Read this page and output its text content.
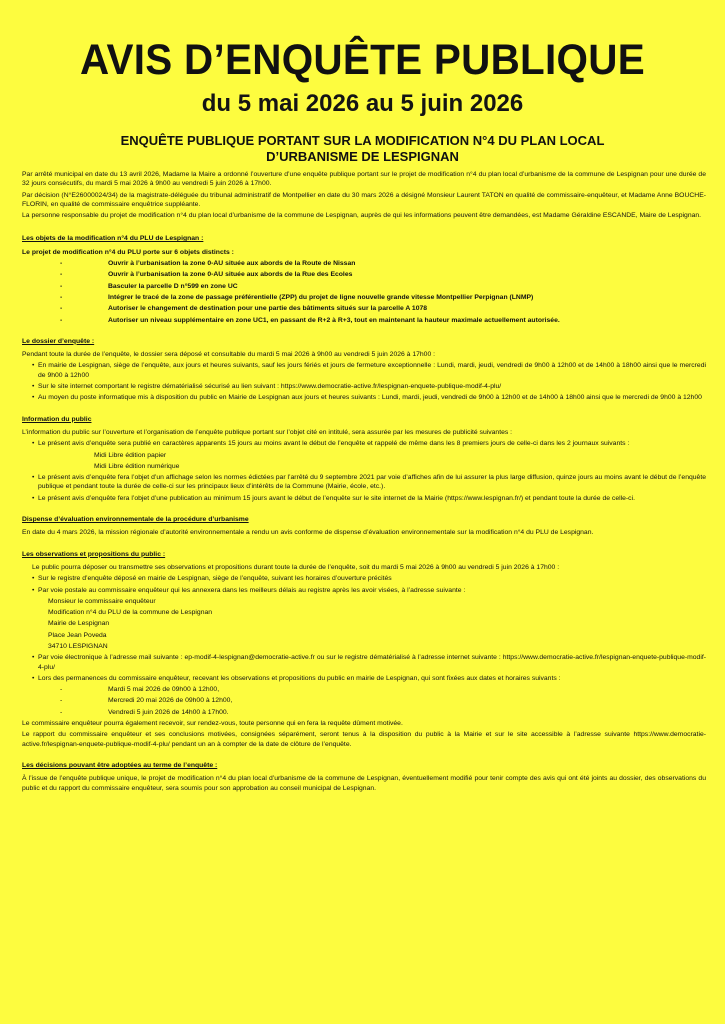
AVIS D’ENQUÊTE PUBLIQUE
du 5 mai 2026 au 5 juin 2026
ENQUÊTE PUBLIQUE PORTANT SUR LA MODIFICATION N°4 DU PLAN LOCAL
D’URBANISME DE LESPIGNAN

Par arrêté municipal en date du 13 avril 2026, Madame la Maire a ordonné l’ouverture d’une enquête publique portant sur le projet de modification n°4 du plan local d’urbanisme de la commune de Lespignan pour une durée de 32 jours consécutifs, du mardi 5 mai 2026 à 9h00 au vendredi 5 juin 2026 à 17h00.

Par décision (N°E26000024/34) de la magistrate-déléguée du tribunal administratif de Montpellier en date du 30 mars 2026 a désigné Monsieur Laurent TATON en qualité de commissaire-enquêteur, et Madame Anne BOUCHE-FLORIN, en qualité de commissaire enquêtrice suppléante.

La personne responsable du projet de modification n°4 du plan local d’urbanisme de la commune de Lespignan, auprès de qui les informations peuvent être demandées, est Madame Géraldine ESCANDE, Maire de Lespignan.

Les objets de la modification n°4 du PLU de Lespignan :

Le projet de modification n°4 du PLU porte sur 6 objets distincts :

-	Ouvrir à l’urbanisation la zone 0-AU située aux abords de la Route de Nissan
-	Ouvrir à l’urbanisation la zone 0-AU située aux abords de la Rue des Ecoles
-	Basculer la parcelle D n°599 en zone UC
-	Intégrer le tracé de la zone de passage préférentielle (ZPP) du projet de ligne nouvelle grande vitesse Montpellier Perpignan (LNMP)
-	Autoriser le changement de destination pour une partie des bâtiments situés sur la parcelle A 1078
-	Autoriser un niveau supplémentaire en zone UC1, en passant de R+2 à R+3, tout en maintenant la hauteur maximale actuellement autorisée.

Le dossier d’enquête :

Pendant toute la durée de l’enquête, le dossier sera déposé et consultable du mardi 5 mai 2026 à 9h00 au vendredi 5 juin 2026 à 17h00 :

• En mairie de Lespignan, siège de l’enquête, aux jours et heures suivants, sauf les jours fériés et jours de fermeture exceptionnelle : Lundi, mardi, jeudi, vendredi de 9h00 à 12h00 et de 14h00 à 18h00 ainsi que le mercredi de 9h00 à 12h00
• Sur le site internet comportant le registre dématérialisé sécurisé au lien suivant : https://www.democratie-active.fr/lespignan-enquete-publique-modif-4-plu/
• Au moyen du poste informatique mis à disposition du public en Mairie de Lespignan aux jours et heures suivants : Lundi, mardi, jeudi, vendredi de 9h00 à 12h00 et de 14h00 à 18h00 ainsi que le mercredi de 9h00 à 12h00

Information du public

L’information du public sur l’ouverture et l’organisation de l’enquête publique portant sur l’objet cité en intitulé, sera assurée par les mesures de publicité suivantes :

• Le présent avis d’enquête sera publié en caractères apparents 15 jours au moins avant le début de l’enquête et rappelé de même dans les 8 premiers jours de celle-ci dans les 2 journaux suivants :
Midi Libre édition papier
Midi Libre édition numérique
• Le présent avis d’enquête fera l’objet d’un affichage selon les normes édictées par l’arrêté du 9 septembre 2021 par voie d’affiches afin de lui assurer la plus large diffusion, quinze jours au moins avant le début de l’enquête publique et pendant toute la durée de celle-ci sur les principaux lieux d’intérêts de la Commune (Mairie, école, etc.).
• Le présent avis d’enquête fera l’objet d’une publication au minimum 15 jours avant le début de l’enquête sur le site internet de la Mairie (https://www.lespignan.fr/) et pendant toute la durée de celle-ci.

Dispense d’évaluation environnementale de la procédure d’urbanisme

En date du 4 mars 2026, la mission régionale d’autorité environnementale a rendu un avis conforme de dispense d’évaluation environnementale sur la modification n°4 du PLU de Lespignan.

Les observations et propositions du public :

Le public pourra déposer ou transmettre ses observations et propositions durant toute la durée de l’enquête, soit du mardi 5 mai 2026 à 9h00 au vendredi 5 juin 2026 à 17h00 :

• Sur le registre d’enquête déposé en mairie de Lespignan, siège de l’enquête, suivant les horaires d’ouverture précités
• Par voie postale au commissaire enquêteur qui les annexera dans les meilleurs délais au registre après les avoir visées, à l’adresse suivante :
Monsieur le commissaire enquêteur
Modification n°4 du PLU de la commune de Lespignan
Mairie de Lespignan
Place Jean Poveda
34710 LESPIGNAN
• Par voie électronique à l’adresse mail suivante : ep-modif-4-lespignan@democratie-active.fr ou sur le registre dématérialisé à l’adresse internet suivante : https://www.democratie-active.fr/lespignan-enquete-publique-modif-4-plu/
• Lors des permanences du commissaire enquêteur, recevant les observations et propositions du public en mairie de Lespignan, qui sont fixées aux dates et horaires suivants :
-	Mardi 5 mai 2026 de 09h00 à 12h00,
-	Mercredi 20 mai 2026 de 09h00 à 12h00,
-	Vendredi 5 juin 2026 de 14h00 à 17h00.

Le commissaire enquêteur pourra également recevoir, sur rendez-vous, toute personne qui en fera la requête dûment motivée.

Le rapport du commissaire enquêteur et ses conclusions motivées, consignées séparément, seront tenus à la disposition du public à la Mairie et sur le site accessible à l’adresse suivante https://www.democratie-active.fr/lespignan-enquete-publique-modif-4-plu/ pendant un an à compter de la date de clôture de l’enquête.

Les décisions pouvant être adoptées au terme de l’enquête :

À l’issue de l’enquête publique unique, le projet de modification n°4 du plan local d’urbanisme de la commune de Lespignan, éventuellement modifié pour tenir compte des avis qui ont été joints au dossier, des observations du public et du rapport du commissaire enquêteur, sera soumis pour son approbation au conseil municipal de Lespignan.
